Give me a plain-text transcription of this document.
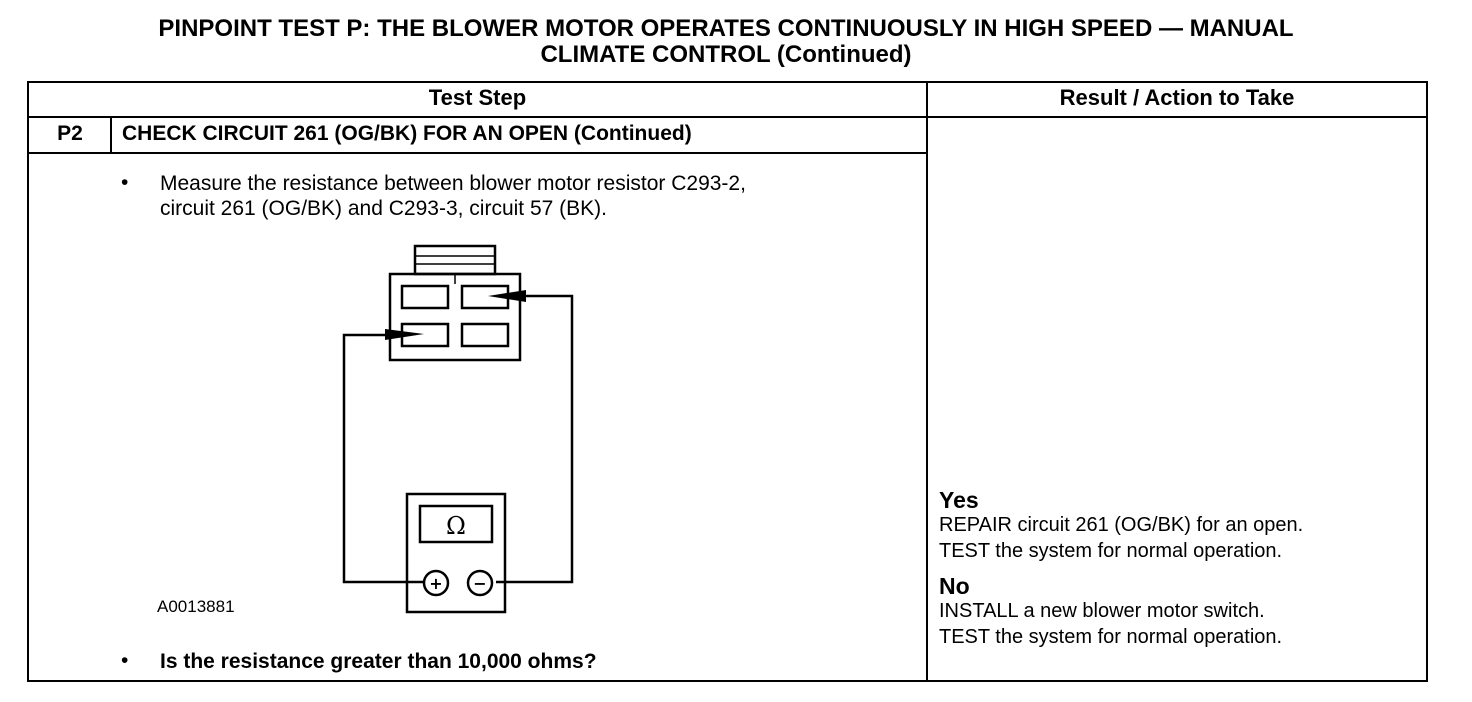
PINPOINT TEST P: THE BLOWER MOTOR OPERATES CONTINUOUSLY IN HIGH SPEED — MANUAL
CLIMATE CONTROL (Continued)
Test Step	Result / Action to Take
P2	CHECK CIRCUIT 261 (OG/BK) FOR AN OPEN (Continued)
• Measure the resistance between blower motor resistor C293-2,
circuit 261 (OG/BK) and C293-3, circuit 57 (BK).
Ω
+ −
A0013881
• Is the resistance greater than 10,000 ohms?
Yes
REPAIR circuit 261 (OG/BK) for an open.
TEST the system for normal operation.
No
INSTALL a new blower motor switch.
TEST the system for normal operation.
